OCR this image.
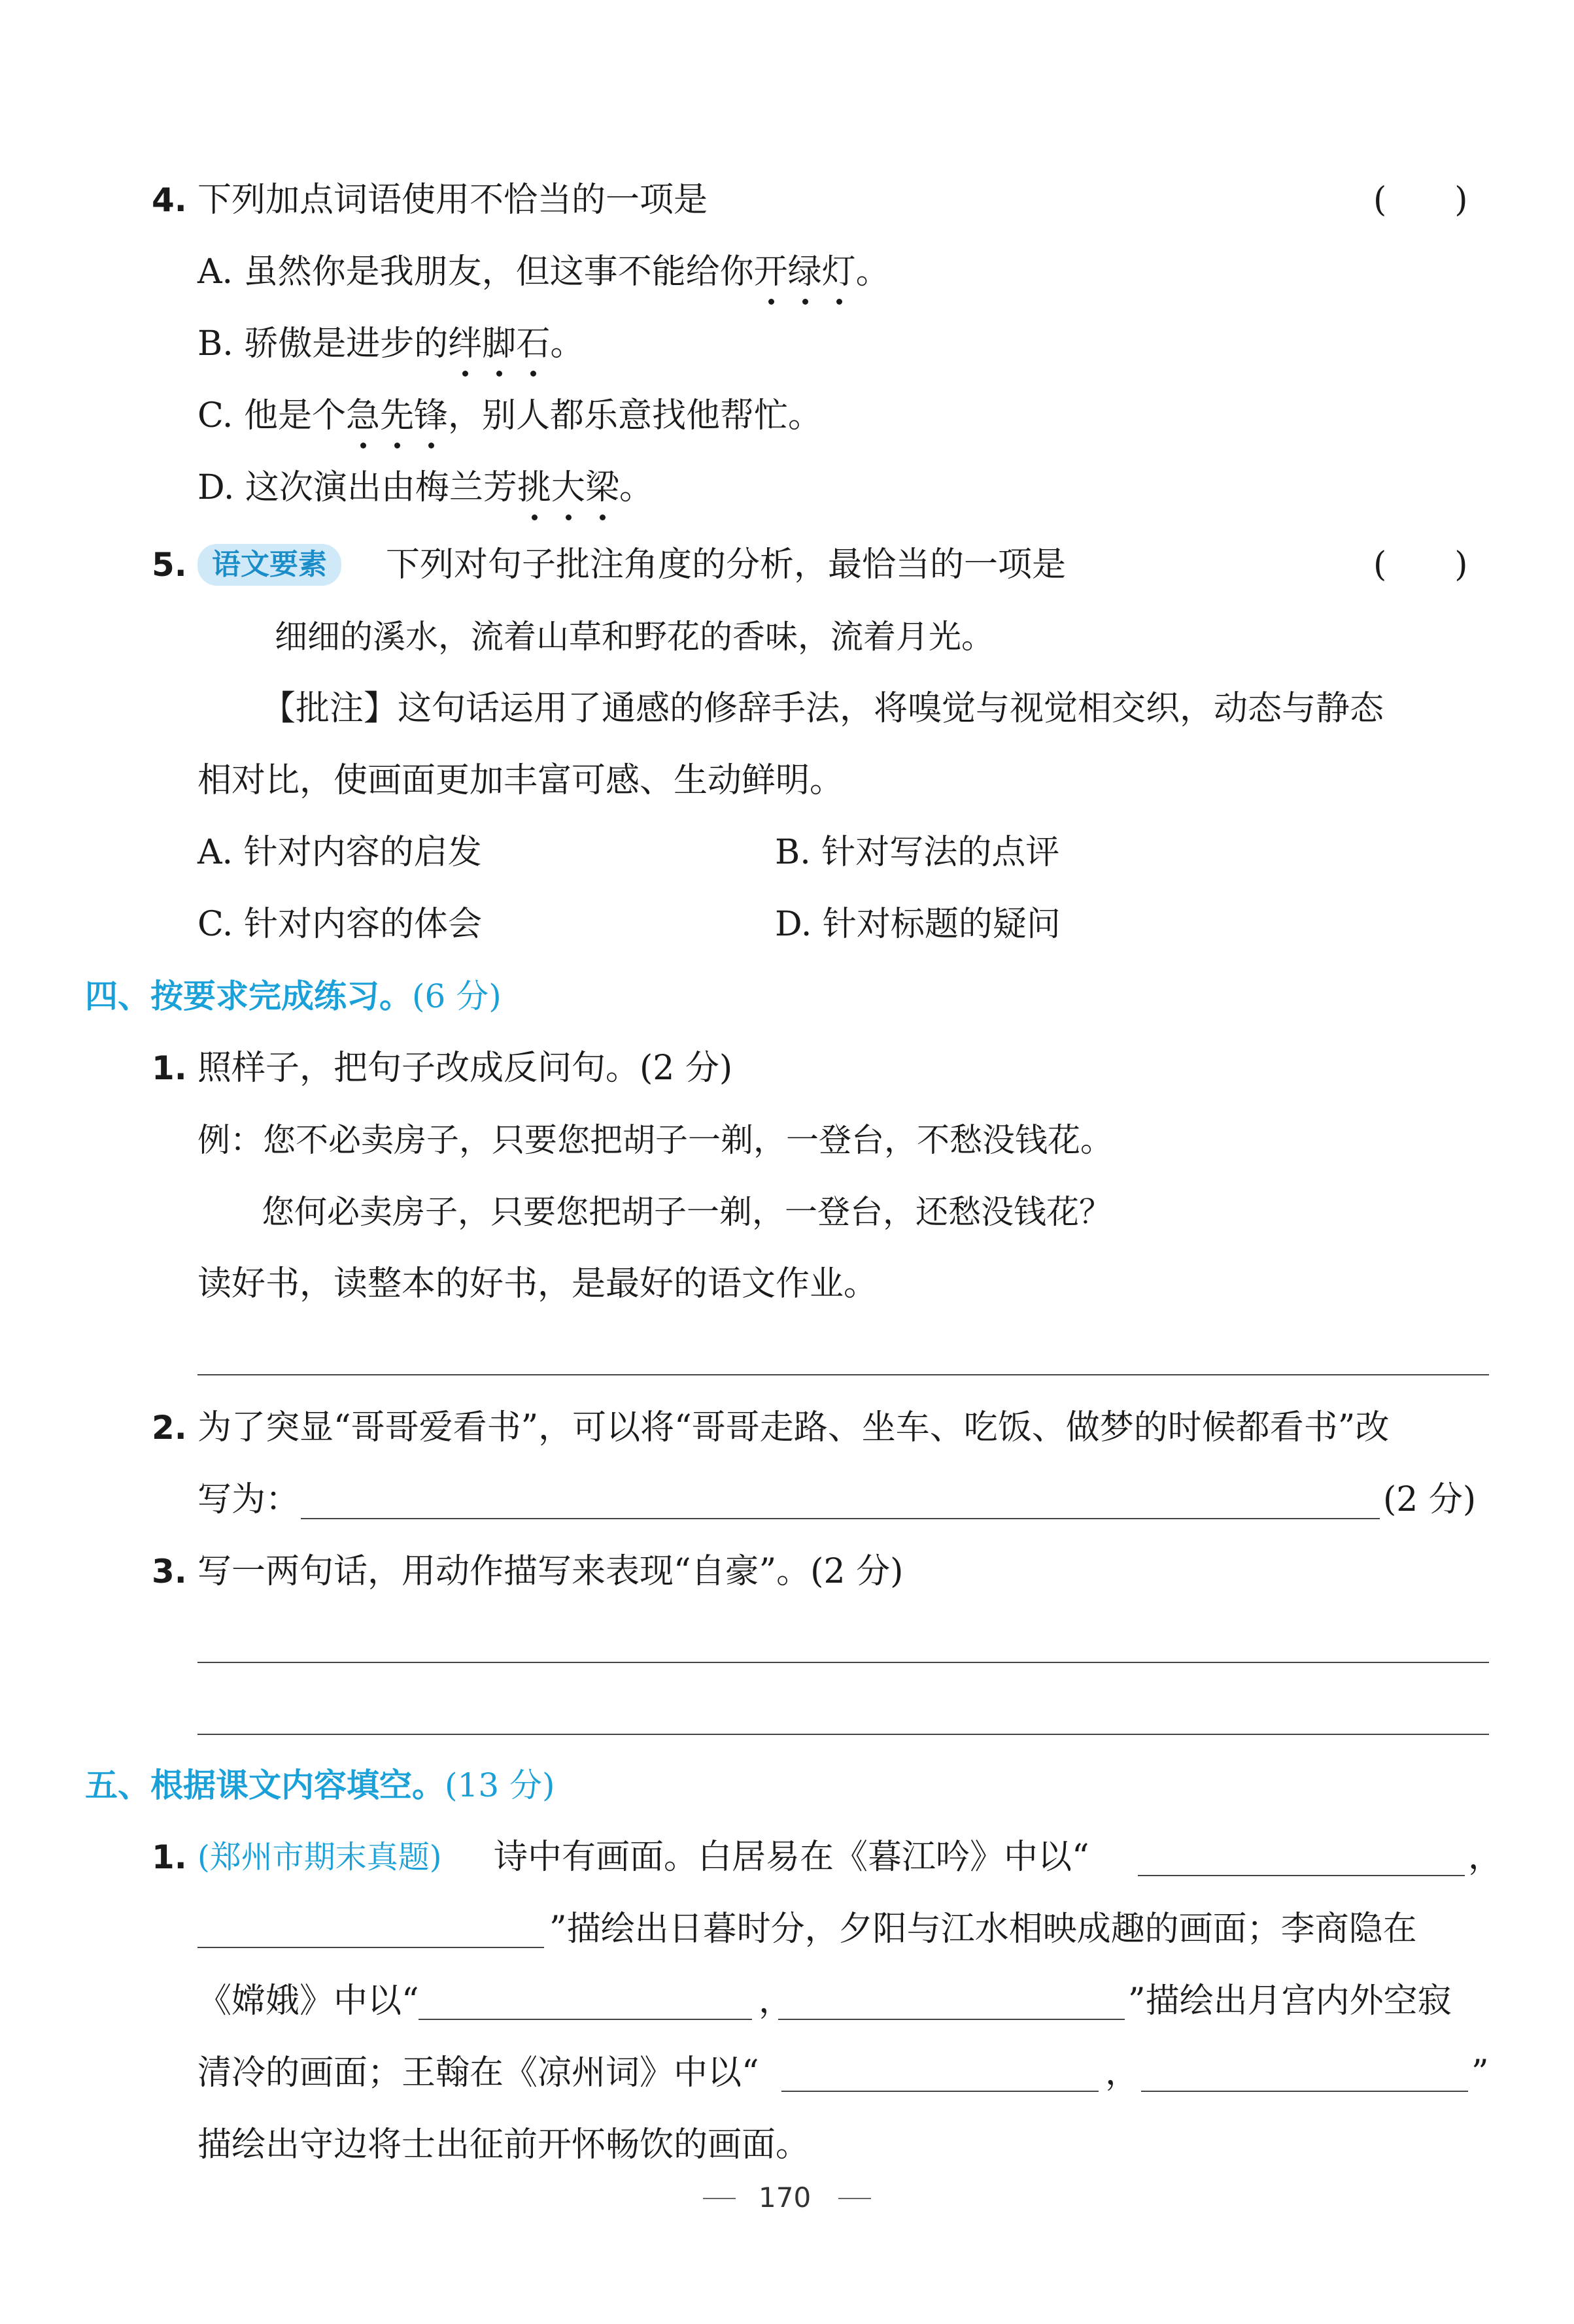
4. 下列加点词语使用不恰当的一项是	(　　)
A. 虽然你是我朋友，但这事不能给你开绿灯。
B. 骄傲是进步的绊脚石。
C. 他是个急先锋，别人都乐意找他帮忙。
D. 这次演出由梅兰芳挑大梁。
5. 语文要素	下列对句子批注角度的分析，最恰当的一项是	(　　)
细细的溪水，流着山草和野花的香味，流着月光。
【批注】这句话运用了通感的修辞手法，将嗅觉与视觉相交织，动态与静态
相对比，使画面更加丰富可感、生动鲜明。
A. 针对内容的启发	B. 针对写法的点评
C. 针对内容的体会	D. 针对标题的疑问
四、按要求完成练习。(6 分)
1. 照样子，把句子改成反问句。(2 分)
例：您不必卖房子，只要您把胡子一剃，一登台，不愁没钱花。
您何必卖房子，只要您把胡子一剃，一登台，还愁没钱花？
读好书，读整本的好书，是最好的语文作业。
2. 为了突显“哥哥爱看书”，可以将“哥哥走路、坐车、吃饭、做梦的时候都看书”改
写为：	(2 分)
3. 写一两句话，用动作描写来表现“自豪”。(2 分)
五、根据课文内容填空。(13 分)
1. (郑州市期末真题) 诗中有画面。白居易在《暮江吟》中以“	，
”描绘出日暮时分，夕阳与江水相映成趣的画面；李商隐在
《嫦娥》中以“	，	”描绘出月宫内外空寂
清冷的画面；王翰在《凉州词》中以“	，	”
描绘出守边将士出征前开怀畅饮的画面。
170
